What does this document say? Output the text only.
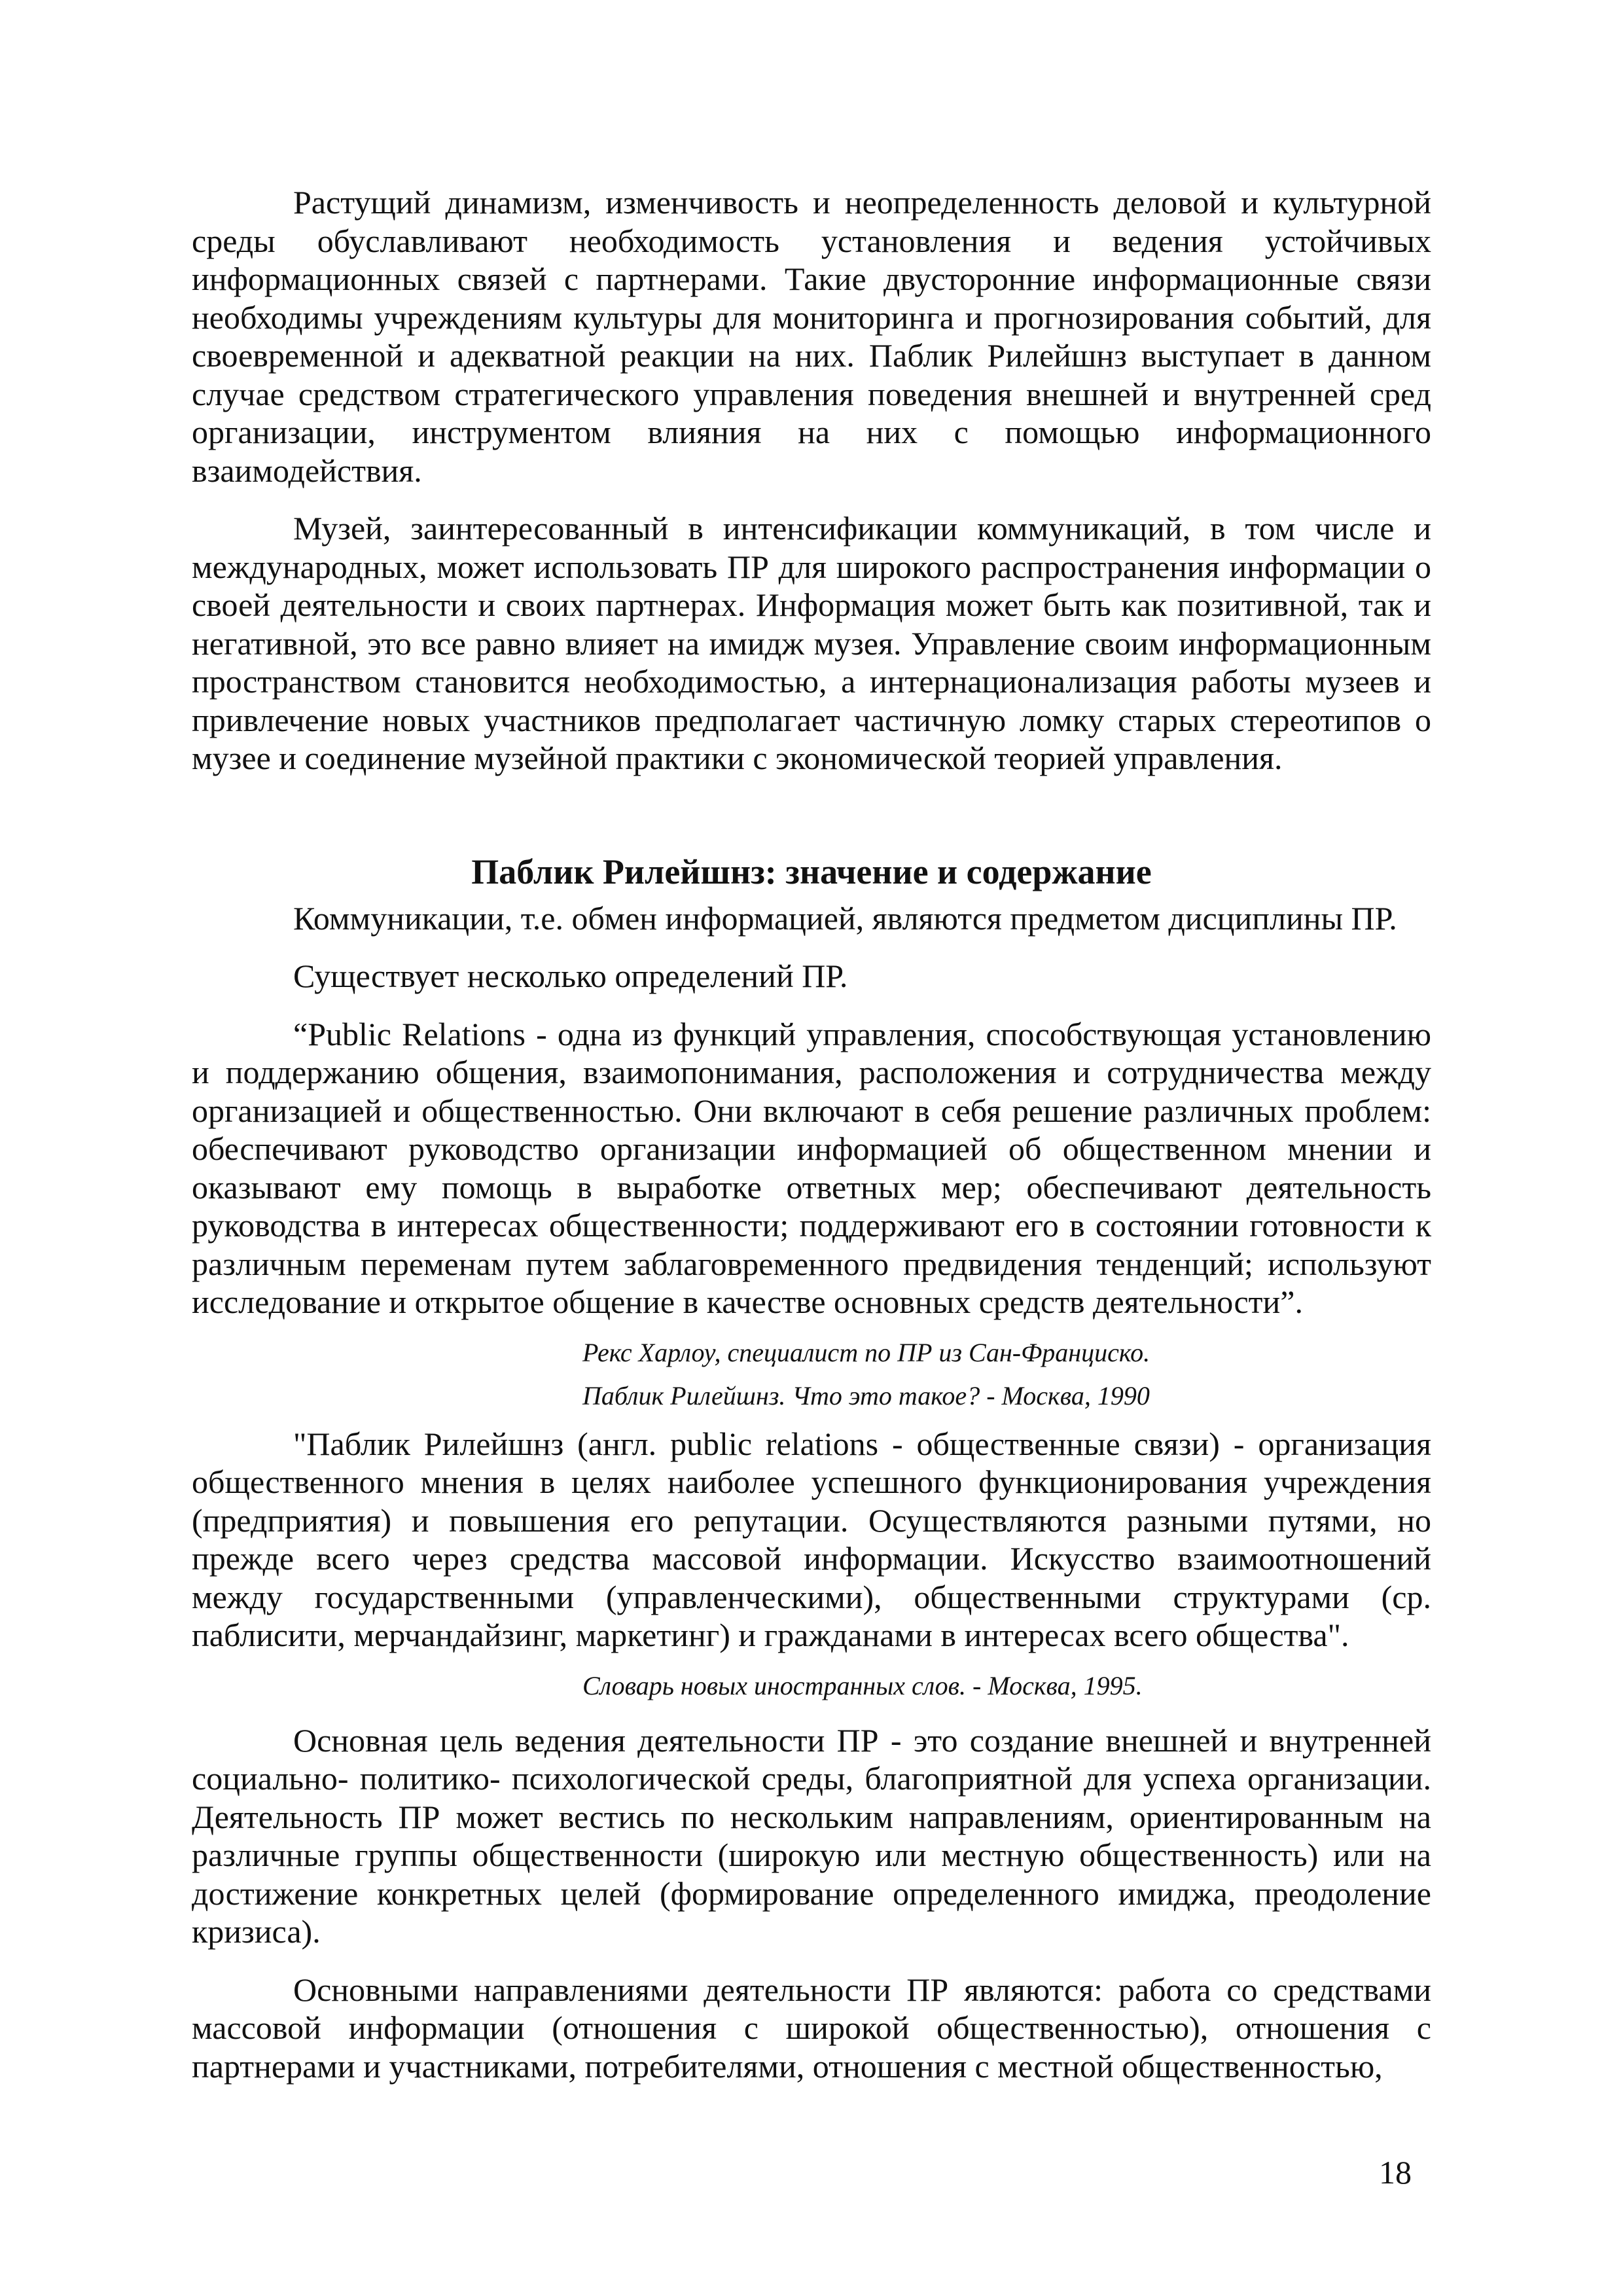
Растущий динамизм, изменчивость и неопределенность деловой и культурной среды обуславливают необходимость установления и ведения устойчивых информационных связей с партнерами. Такие двусторонние информационные связи необходимы учреждениям культуры для мониторинга и прогнозирования событий, для своевременной и адекватной реакции на них. Паблик Рилейшнз выступает в данном случае средством стратегического управления поведения внешней и внутренней сред организации, инструментом влияния на них с помощью информационного взаимодействия.

Музей, заинтересованный в интенсификации коммуникаций, в том числе и международных, может использовать ПР для широкого распространения информации о своей деятельности и своих партнерах. Информация может быть как позитивной, так и негативной, это все равно влияет на имидж музея. Управление своим информационным пространством становится необходимостью, а интернационализация работы музеев и привлечение новых участников предполагает частичную ломку старых стереотипов о музее и соединение музейной практики с экономической теорией управления.

Паблик Рилейшнз: значение и содержание

Коммуникации, т.е. обмен информацией, являются предметом дисциплины ПР.

Существует несколько определений ПР.

“Public Relations - одна из функций управления, способствующая установлению и поддержанию общения, взаимопонимания, расположения и сотрудничества между организацией и общественностью. Они включают в себя решение различных проблем: обеспечивают руководство организации информацией об общественном мнении и оказывают ему помощь в выработке ответных мер; обеспечивают деятельность руководства в интересах общественности; поддерживают его в состоянии готовности к различным переменам путем заблаговременного предвидения тенденций; используют исследование и открытое общение в качестве основных средств деятельности”.

Рекс Харлоу, специалист по ПР из Сан-Франциско.

Паблик Рилейшнз. Что это такое? - Москва, 1990

"Паблик Рилейшнз (англ. public relations - общественные связи) - организация общественного мнения в целях наиболее успешного функционирования учреждения (предприятия) и повышения его репутации. Осуществляются разными путями, но прежде всего через средства массовой информации. Искусство взаимоотношений между государственными (управленческими), общественными структурами (ср. паблисити, мерчандайзинг, маркетинг) и гражданами в интересах всего общества".

Словарь новых иностранных слов. - Москва, 1995.

Основная цель ведения деятельности ПР - это создание внешней и внутренней социально- политико- психологической среды, благоприятной для успеха организации. Деятельность ПР может вестись по нескольким направлениям, ориентированным на различные группы общественности (широкую или местную общественность) или на достижение конкретных целей (формирование определенного имиджа, преодоление кризиса).

Основными направлениями деятельности ПР являются: работа со средствами массовой информации (отношения с широкой общественностью), отношения с партнерами и участниками, потребителями, отношения с местной общественностью,

18
